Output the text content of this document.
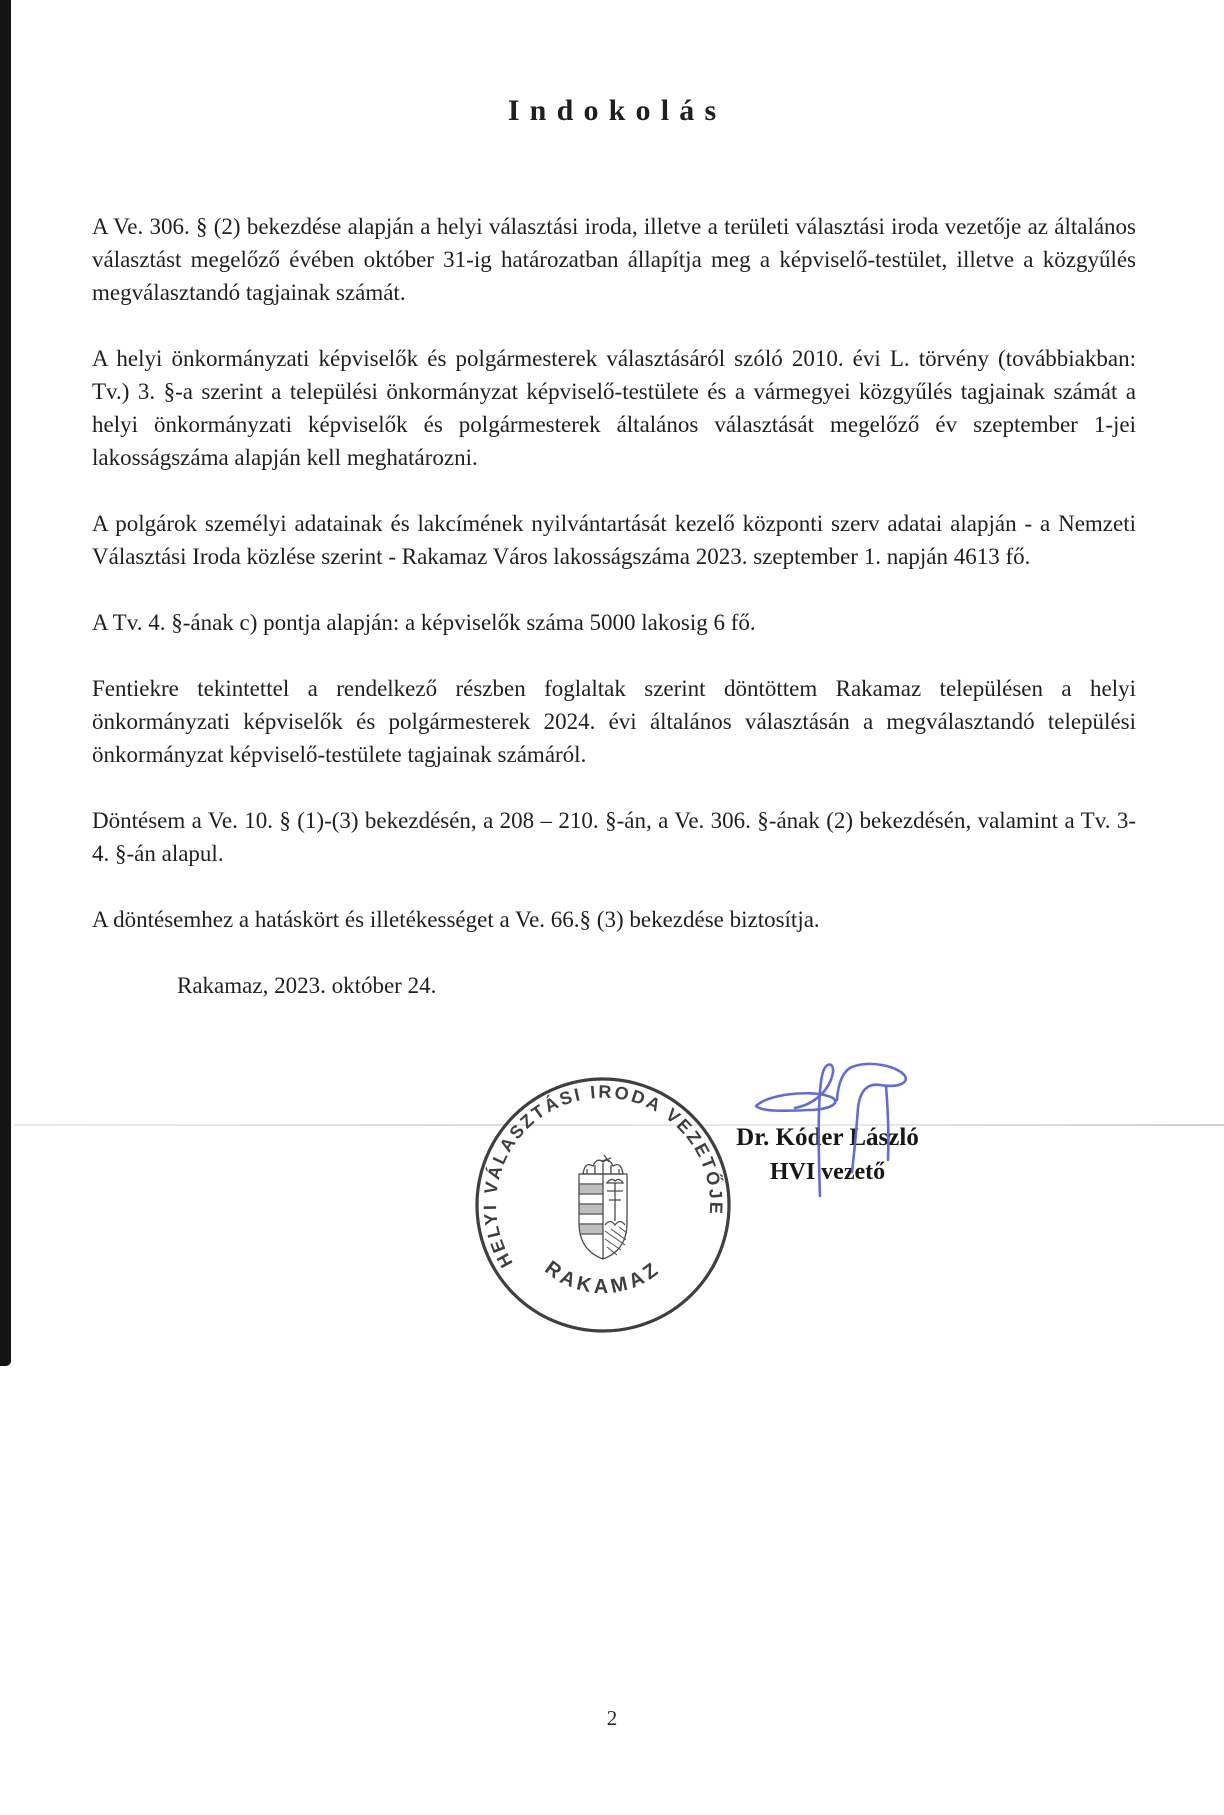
Indokolás

A Ve. 306. § (2) bekezdése alapján a helyi választási iroda, illetve a területi választási iroda vezetője az általános választást megelőző évében október 31-ig határozatban állapítja meg a képviselő-testület, illetve a közgyűlés megválasztandó tagjainak számát.

A helyi önkormányzati képviselők és polgármesterek választásáról szóló 2010. évi L. törvény (továbbiakban: Tv.) 3. §-a szerint a települési önkormányzat képviselő-testülete és a vármegyei közgyűlés tagjainak számát a helyi önkormányzati képviselők és polgármesterek általános választását megelőző év szeptember 1-jei lakosságszáma alapján kell meghatározni.

A polgárok személyi adatainak és lakcímének nyilvántartását kezelő központi szerv adatai alapján - a Nemzeti Választási Iroda közlése szerint - Rakamaz Város lakosságszáma 2023. szeptember 1. napján 4613 fő.

A Tv. 4. §-ának c) pontja alapján: a képviselők száma 5000 lakosig 6 fő.

Fentiekre tekintettel a rendelkező részben foglaltak szerint döntöttem Rakamaz településen a helyi önkormányzati képviselők és polgármesterek 2024. évi általános választásán a megválasztandó települési önkormányzat képviselő-testülete tagjainak számáról.

Döntésem a Ve. 10. § (1)-(3) bekezdésén, a 208 – 210. §-án, a Ve. 306. §-ának (2) bekezdésén, valamint a Tv. 3-4. §-án alapul.

A döntésemhez a hatáskört és illetékességet a Ve. 66.§ (3) bekezdése biztosítja.

Rakamaz, 2023. október 24.
HELYI VÁLASZTÁSI IRODA VEZETŐJE
RAKAMAZ
Dr. Kóder László
HVI vezető
2
